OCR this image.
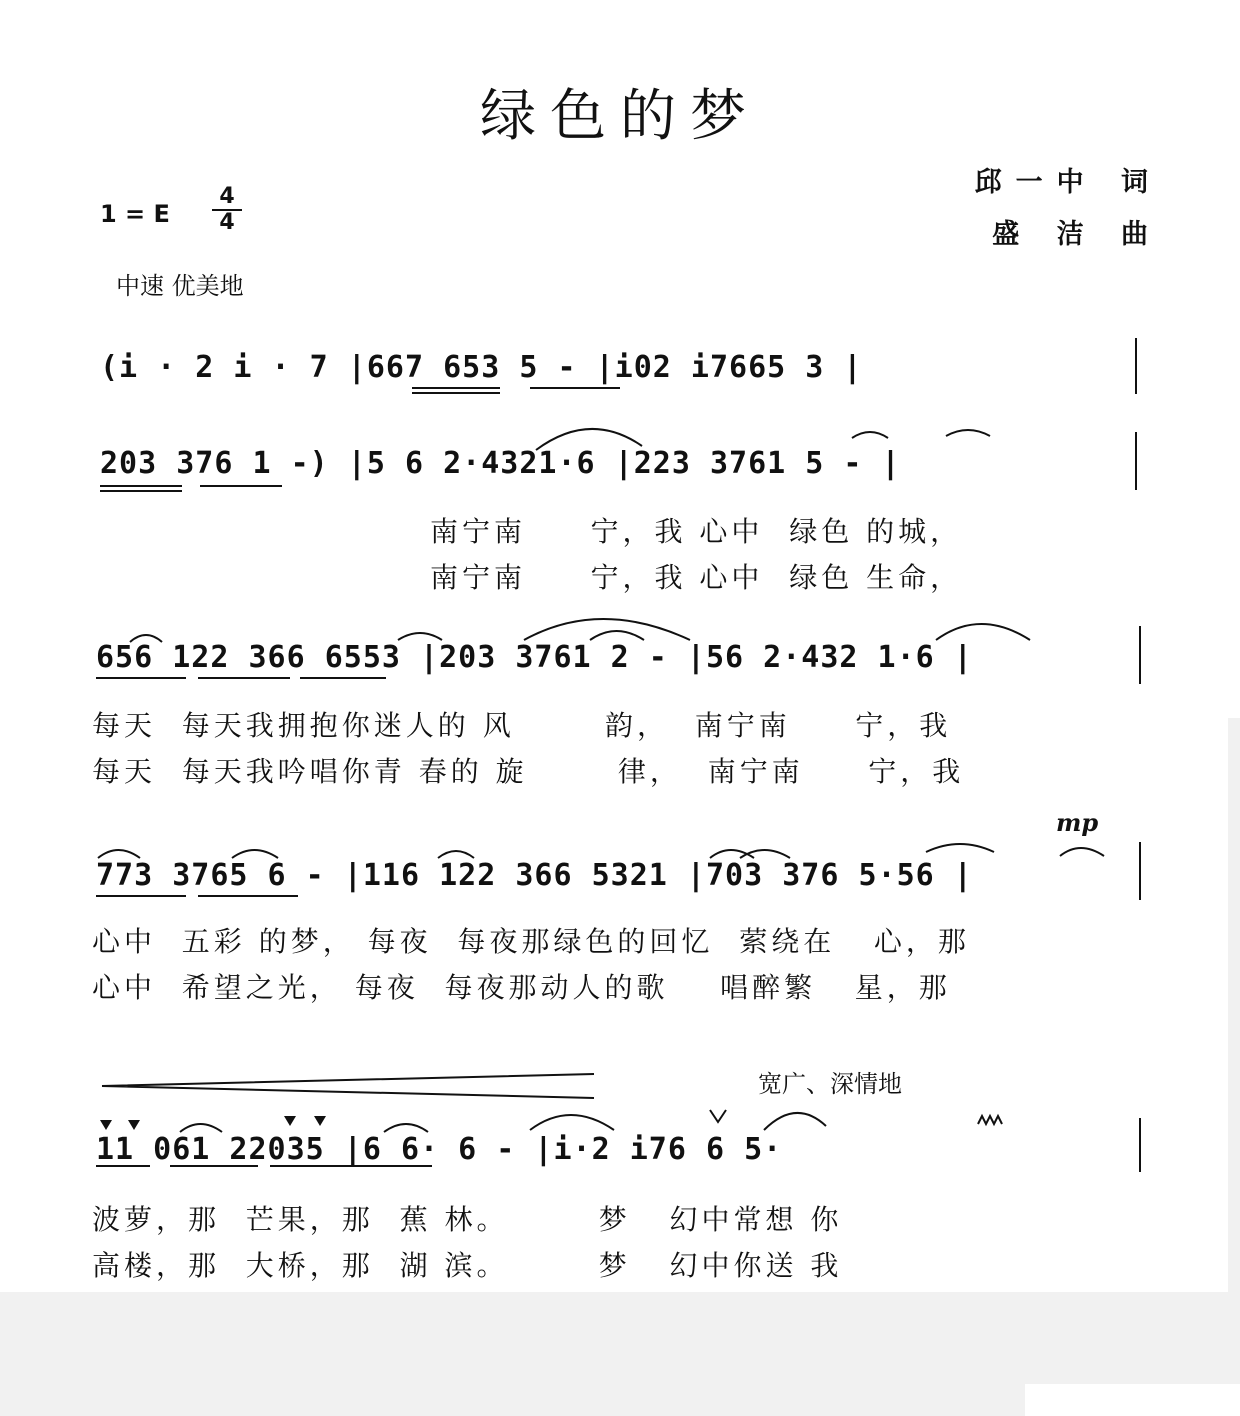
绿色的梦
邱一中 词
盛 洁 曲
1 = E
4
4
中速 优美地
(i · 2 i · 7 |667 653 5 - |i02 i7665 3 |
203 376 1 -) |5 6 2·4321·6 |223 3761 5 - |
南宁南     宁，我 心中  绿色 的城，
南宁南     宁，我 心中  绿色 生命，
656 122 366 6553 |203 3761 2 - |56 2·432 1·6 |
每天  每天我拥抱你迷人的 风       韵，  南宁南     宁，我
每天  每天我吟唱你青 春的 旋       律，  南宁南     宁，我
mp
773 3765 6 - |116 122 366 5321 |703 376 5·56 |
心中  五彩 的梦， 每夜  每夜那绿色的回忆  萦绕在   心，那
心中  希望之光， 每夜  每夜那动人的歌    唱醉繁   星，那
宽广、深情地
11 061 22035 |6 6· 6 - |i·2 i76 6 5·
波萝，那  芒果，那  蕉 林。       梦   幻中常想 你
高楼，那  大桥，那  湖 滨。       梦   幻中你送 我
